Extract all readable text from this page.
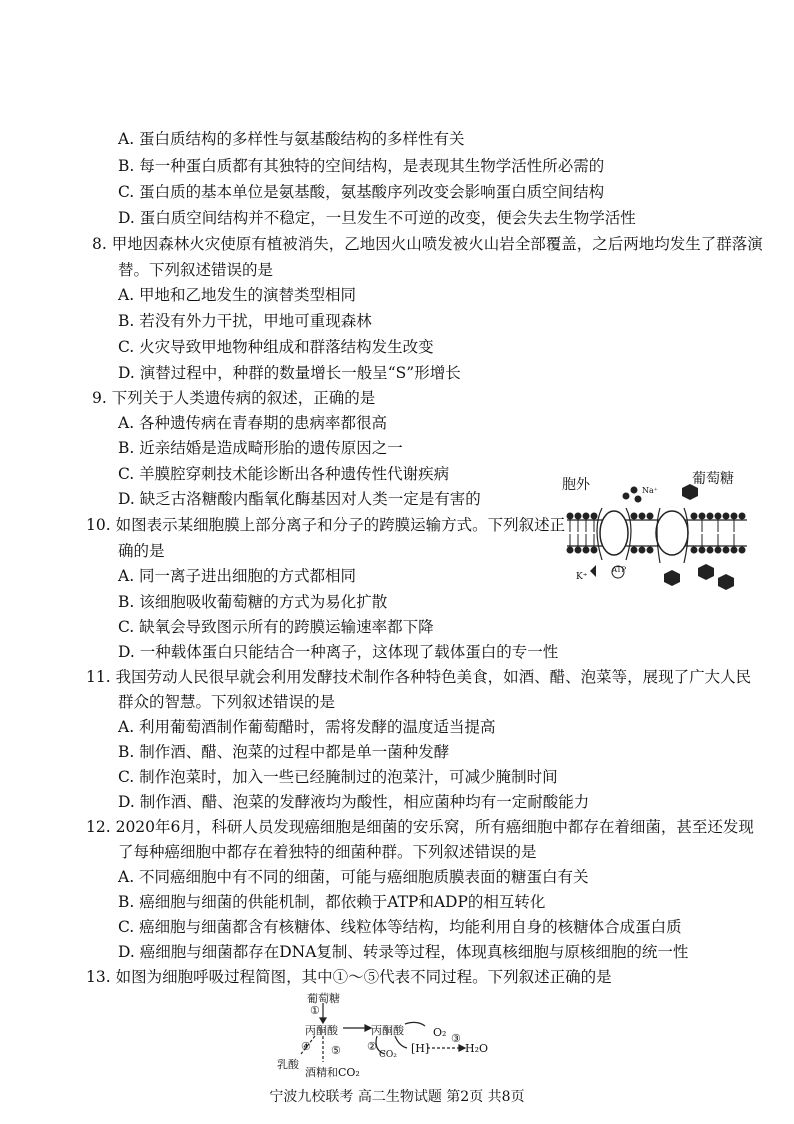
A. 蛋白质结构的多样性与氨基酸结构的多样性有关
B. 每一种蛋白质都有其独特的空间结构，是表现其生物学活性所必需的
C. 蛋白质的基本单位是氨基酸，氨基酸序列改变会影响蛋白质空间结构
D. 蛋白质空间结构并不稳定，一旦发生不可逆的改变，便会失去生物学活性
8. 甲地因森林火灾使原有植被消失，乙地因火山喷发被火山岩全部覆盖，之后两地均发生了群落演
替。下列叙述错误的是
A. 甲地和乙地发生的演替类型相同
B. 若没有外力干扰，甲地可重现森林
C. 火灾导致甲地物种组成和群落结构发生改变
D. 演替过程中，种群的数量增长一般呈“S”形增长
9. 下列关于人类遗传病的叙述，正确的是
A. 各种遗传病在青春期的患病率都很高
B. 近亲结婚是造成畸形胎的遗传原因之一
C. 羊膜腔穿刺技术能诊断出各种遗传性代谢疾病
D. 缺乏古洛糖酸内酯氧化酶基因对人类一定是有害的
10. 如图表示某细胞膜上部分离子和分子的跨膜运输方式。下列叙述正
确的是
A. 同一离子进出细胞的方式都相同
B. 该细胞吸收葡萄糖的方式为易化扩散
C. 缺氧会导致图示所有的跨膜运输速率都下降
D. 一种载体蛋白只能结合一种离子，这体现了载体蛋白的专一性
胞外	葡萄糖
Na⁺
K⁺
ATP
11. 我国劳动人民很早就会利用发酵技术制作各种特色美食，如酒、醋、泡菜等，展现了广大人民
群众的智慧。下列叙述错误的是
A. 利用葡萄酒制作葡萄醋时，需将发酵的温度适当提高
B. 制作酒、醋、泡菜的过程中都是单一菌种发酵
C. 制作泡菜时，加入一些已经腌制过的泡菜汁，可减少腌制时间
D. 制作酒、醋、泡菜的发酵液均为酸性，相应菌种均有一定耐酸能力
12. 2020年6月，科研人员发现癌细胞是细菌的安乐窝，所有癌细胞中都存在着细菌，甚至还发现
了每种癌细胞中都存在着独特的细菌种群。下列叙述错误的是
A. 不同癌细胞中有不同的细菌，可能与癌细胞质膜表面的糖蛋白有关
B. 癌细胞与细菌的供能机制，都依赖于ATP和ADP的相互转化
C. 癌细胞与细菌都含有核糖体、线粒体等结构，均能利用自身的核糖体合成蛋白质
D. 癌细胞与细菌都存在DNA复制、转录等过程，体现真核细胞与原核细胞的统一性
13. 如图为细胞呼吸过程简图，其中①～⑤代表不同过程。下列叙述正确的是
葡萄糖
①
丙酮酸	丙酮酸
④ ⑤ ②
CO₂ [H]
O₂ ③
H₂O
乳酸
酒精和CO₂
宁波九校联考 高二生物试题 第2页 共8页
